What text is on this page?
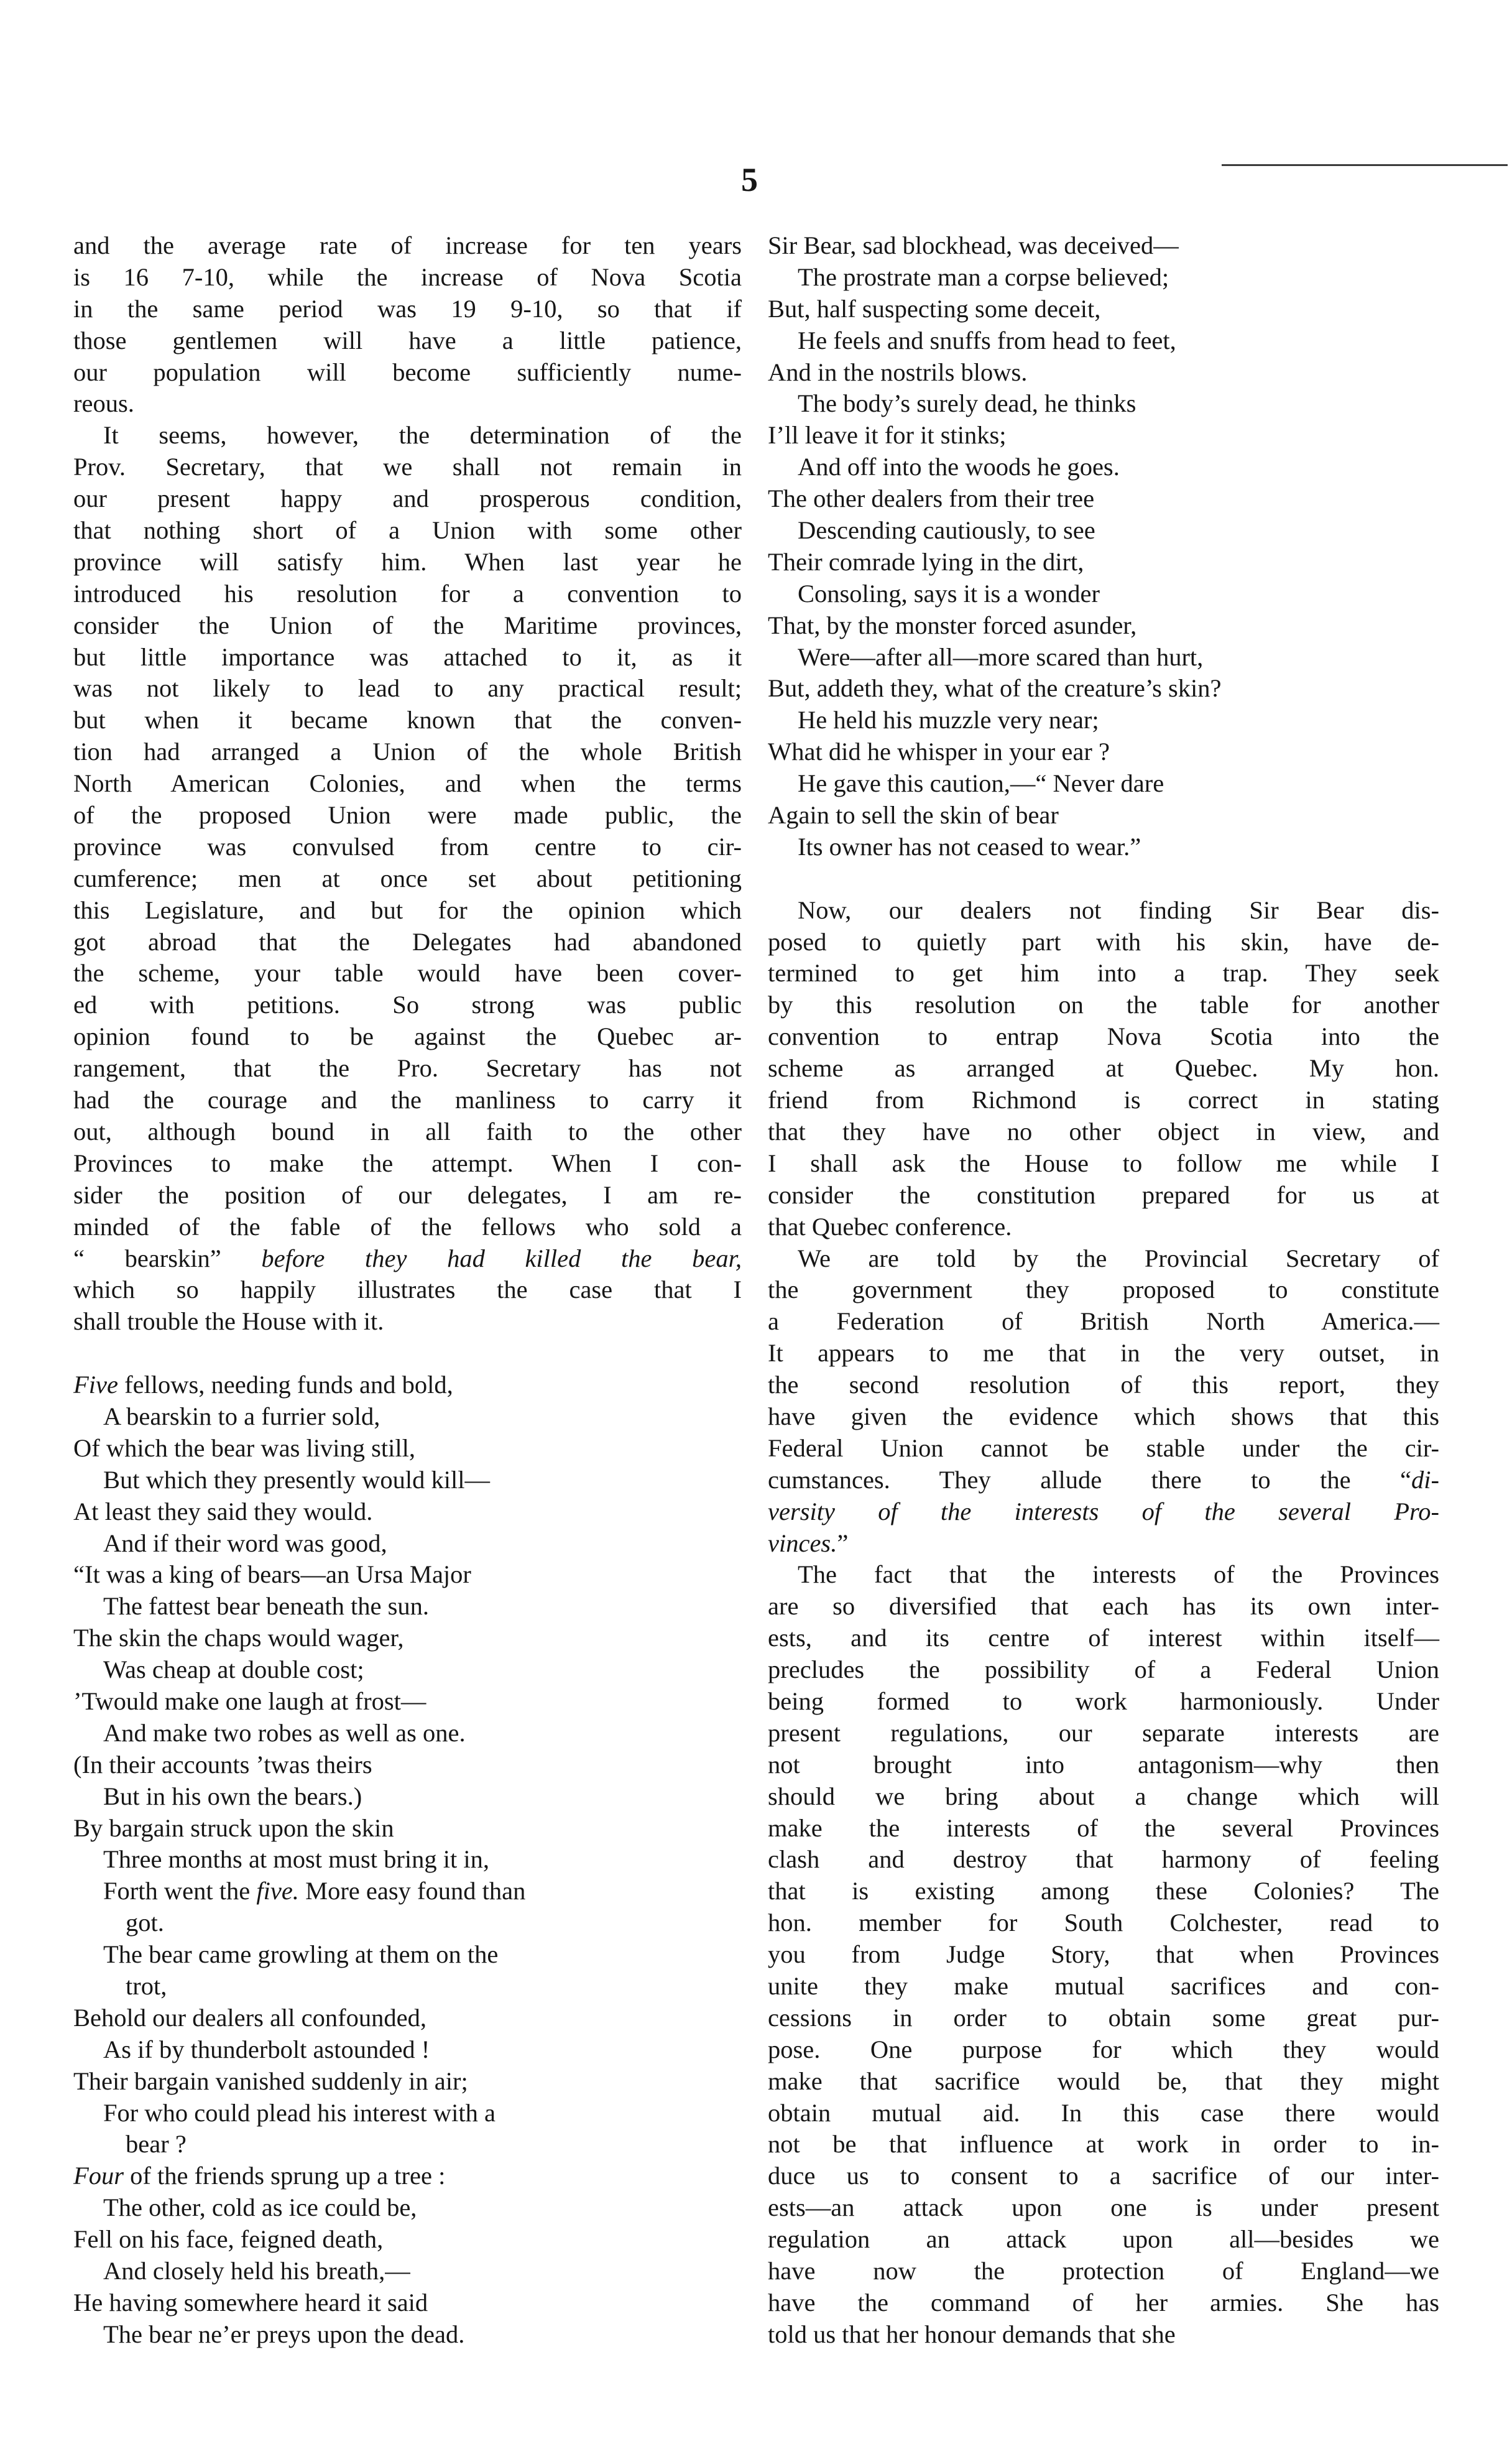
5
and the average rate of increase for ten years
is 16 7-10, while the increase of Nova Scotia
in the same period was 19 9-10, so that if
those gentlemen will have a little patience,
our population will become sufficiently nume-
reous.
It seems, however, the determination of the
Prov. Secretary, that we shall not remain in
our present happy and prosperous condition,
that nothing short of a Union with some other
province will satisfy him. When last year he
introduced his resolution for a convention to
consider the Union of the Maritime provinces,
but little importance was attached to it, as it
was not likely to lead to any practical result;
but when it became known that the conven-
tion had arranged a Union of the whole British
North American Colonies, and when the terms
of the proposed Union were made public, the
province was convulsed from centre to cir-
cumference; men at once set about petitioning
this Legislature, and but for the opinion which
got abroad that the Delegates had abandoned
the scheme, your table would have been cover-
ed with petitions. So strong was public
opinion found to be against the Quebec ar-
rangement, that the Pro. Secretary has not
had the courage and the manliness to carry it
out, although bound in all faith to the other
Provinces to make the attempt. When I con-
sider the position of our delegates, I am re-
minded of the fable of the fellows who sold a
“ bearskin” before they had killed the bear,
which so happily illustrates the case that I
shall trouble the House with it.
Five fellows, needing funds and bold,
A bearskin to a furrier sold,
Of which the bear was living still,
But which they presently would kill—
At least they said they would.
And if their word was good,
“It was a king of bears—an Ursa Major
The fattest bear beneath the sun.
The skin the chaps would wager,
Was cheap at double cost;
’Twould make one laugh at frost—
And make two robes as well as one.
(In their accounts ’twas theirs
But in his own the bears.)
By bargain struck upon the skin
Three months at most must bring it in,
Forth went the five. More easy found than
got.
The bear came growling at them on the
trot,
Behold our dealers all confounded,
As if by thunderbolt astounded !
Their bargain vanished suddenly in air;
For who could plead his interest with a
bear ?
Four of the friends sprung up a tree :
The other, cold as ice could be,
Fell on his face, feigned death,
And closely held his breath,—
He having somewhere heard it said
The bear ne’er preys upon the dead.
Sir Bear, sad blockhead, was deceived—
The prostrate man a corpse believed;
But, half suspecting some deceit,
He feels and snuffs from head to feet,
And in the nostrils blows.
The body’s surely dead, he thinks
I’ll leave it for it stinks;
And off into the woods he goes.
The other dealers from their tree
Descending cautiously, to see
Their comrade lying in the dirt,
Consoling, says it is a wonder
That, by the monster forced asunder,
Were—after all—more scared than hurt,
But, addeth they, what of the creature’s skin?
He held his muzzle very near;
What did he whisper in your ear ?
He gave this caution,—“ Never dare
Again to sell the skin of bear
Its owner has not ceased to wear.”
Now, our dealers not finding Sir Bear dis-
posed to quietly part with his skin, have de-
termined to get him into a trap. They seek
by this resolution on the table for another
convention to entrap Nova Scotia into the
scheme as arranged at Quebec. My hon.
friend from Richmond is correct in stating
that they have no other object in view, and
I shall ask the House to follow me while I
consider the constitution prepared for us at
that Quebec conference.
We are told by the Provincial Secretary of
the government they proposed to constitute
a Federation of British North America.—
It appears to me that in the very outset, in
the second resolution of this report, they
have given the evidence which shows that this
Federal Union cannot be stable under the cir-
cumstances. They allude there to the “di-
versity of the interests of the several Pro-
vinces.”
The fact that the interests of the Provinces
are so diversified that each has its own inter-
ests, and its centre of interest within itself—
precludes the possibility of a Federal Union
being formed to work harmoniously. Under
present regulations, our separate interests are
not brought into antagonism—why then
should we bring about a change which will
make the interests of the several Provinces
clash and destroy that harmony of feeling
that is existing among these Colonies? The
hon. member for South Colchester, read to
you from Judge Story, that when Provinces
unite they make mutual sacrifices and con-
cessions in order to obtain some great pur-
pose. One purpose for which they would
make that sacrifice would be, that they might
obtain mutual aid. In this case there would
not be that influence at work in order to in-
duce us to consent to a sacrifice of our inter-
ests—an attack upon one is under present
regulation an attack upon all—besides we
have now the protection of England—we
have the command of her armies. She has
told us that her honour demands that she
